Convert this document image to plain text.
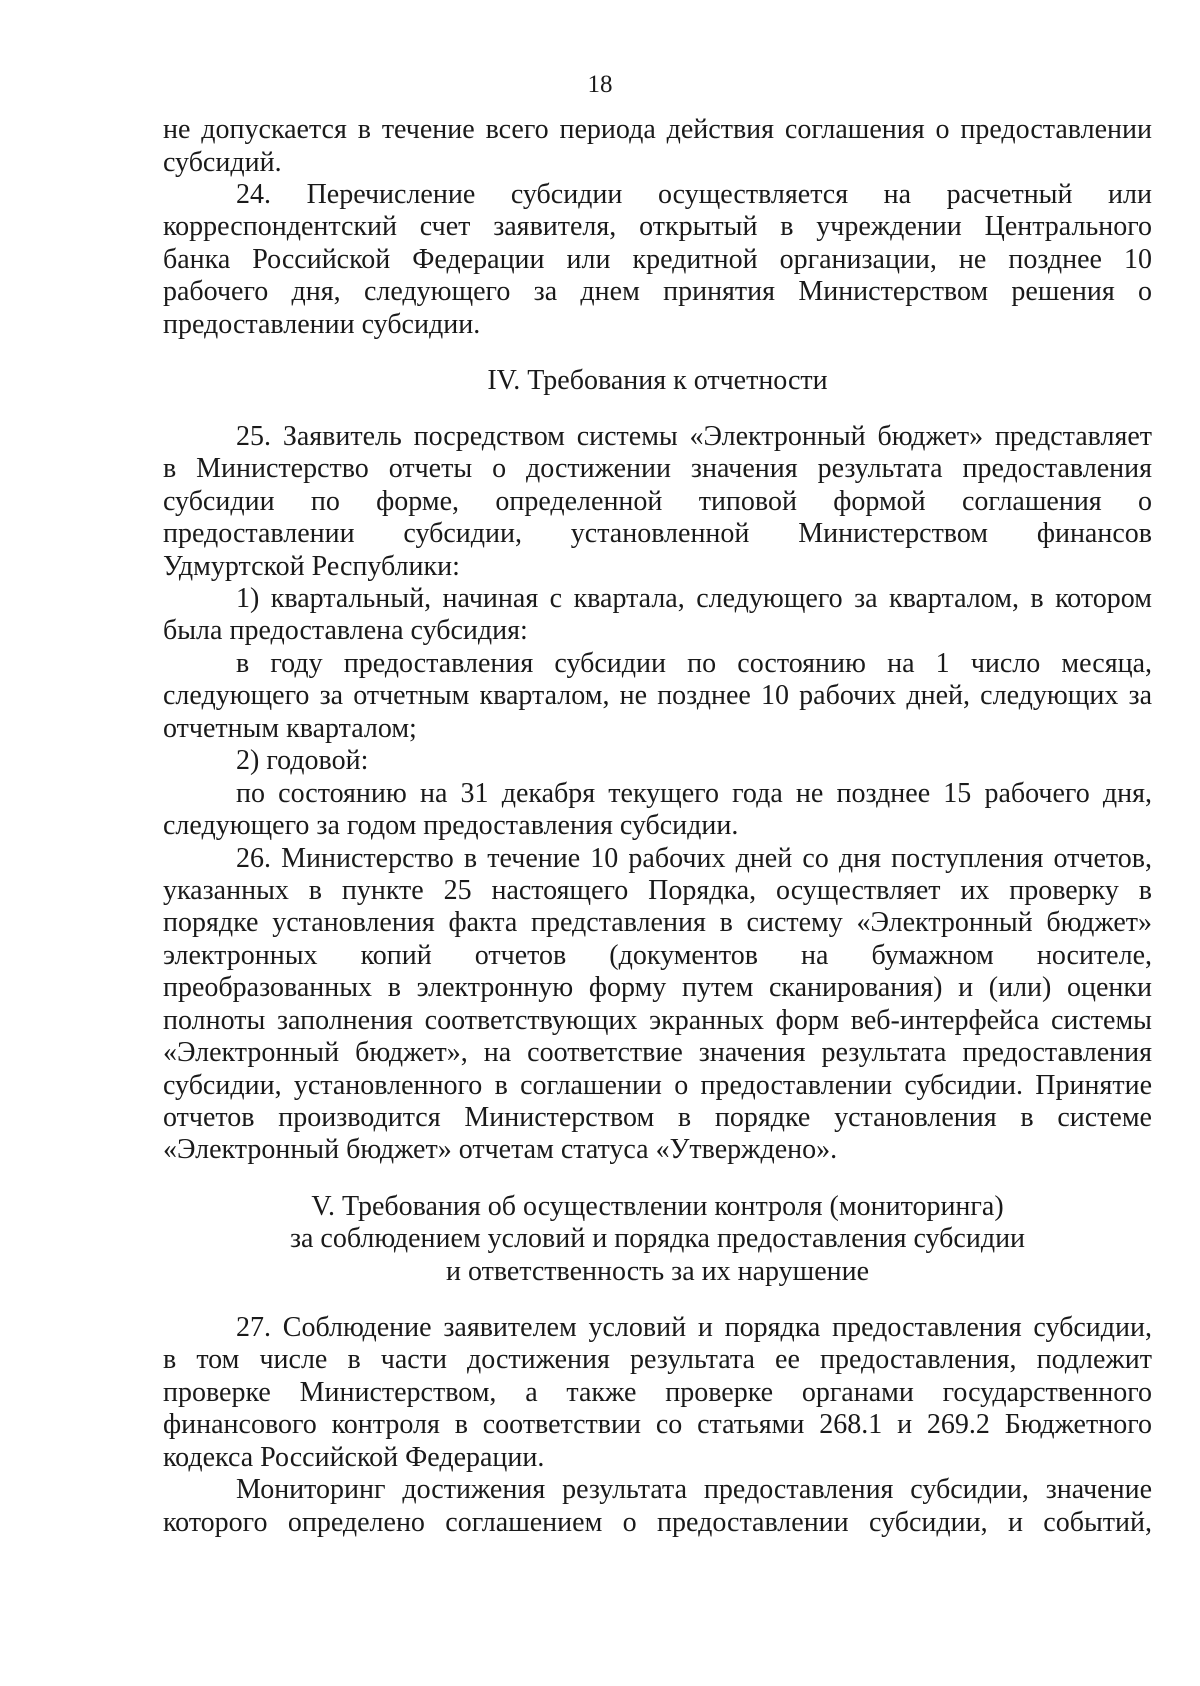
18
не допускается в течение всего периода действия соглашения о предоставлении
субсидий.
24. Перечисление субсидии осуществляется на расчетный или
корреспондентский счет заявителя, открытый в учреждении Центрального
банка Российской Федерации или кредитной организации, не позднее 10
рабочего дня, следующего за днем принятия Министерством решения о
предоставлении субсидии.
IV. Требования к отчетности
25. Заявитель посредством системы «Электронный бюджет» представляет
в Министерство отчеты о достижении значения результата предоставления
субсидии по форме, определенной типовой формой соглашения о
предоставлении субсидии, установленной Министерством финансов
Удмуртской Республики:
1) квартальный, начиная с квартала, следующего за кварталом, в котором
была предоставлена субсидия:
в году предоставления субсидии по состоянию на 1 число месяца,
следующего за отчетным кварталом, не позднее 10 рабочих дней, следующих за
отчетным кварталом;
2) годовой:
по состоянию на 31 декабря текущего года не позднее 15 рабочего дня,
следующего за годом предоставления субсидии.
26. Министерство в течение 10 рабочих дней со дня поступления отчетов,
указанных в пункте 25 настоящего Порядка, осуществляет их проверку в
порядке установления факта представления в систему «Электронный бюджет»
электронных копий отчетов (документов на бумажном носителе,
преобразованных в электронную форму путем сканирования) и (или) оценки
полноты заполнения соответствующих экранных форм веб-интерфейса системы
«Электронный бюджет», на соответствие значения результата предоставления
субсидии, установленного в соглашении о предоставлении субсидии. Принятие
отчетов производится Министерством в порядке установления в системе
«Электронный бюджет» отчетам статуса «Утверждено».
V. Требования об осуществлении контроля (мониторинга)
за соблюдением условий и порядка предоставления субсидии
и ответственность за их нарушение
27. Соблюдение заявителем условий и порядка предоставления субсидии,
в том числе в части достижения результата ее предоставления, подлежит
проверке Министерством, а также проверке органами государственного
финансового контроля в соответствии со статьями 268.1 и 269.2 Бюджетного
кодекса Российской Федерации.
Мониторинг достижения результата предоставления субсидии, значение
которого определено соглашением о предоставлении субсидии, и событий,
